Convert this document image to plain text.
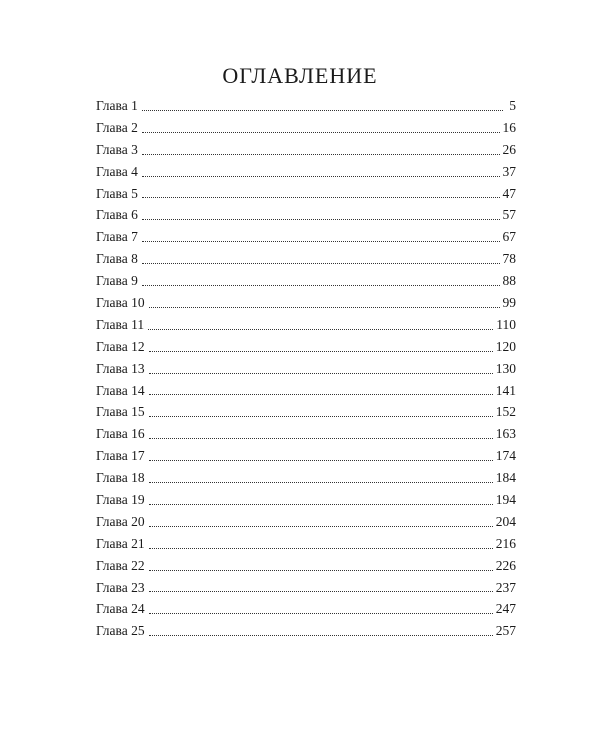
ОГЛАВЛЕНИЕ
Глава 1	5
Глава 2	16
Глава 3	26
Глава 4	37
Глава 5	47
Глава 6	57
Глава 7	67
Глава 8	78
Глава 9	88
Глава 10	99
Глава 11	110
Глава 12	120
Глава 13	130
Глава 14	141
Глава 15	152
Глава 16	163
Глава 17	174
Глава 18	184
Глава 19	194
Глава 20	204
Глава 21	216
Глава 22	226
Глава 23	237
Глава 24	247
Глава 25	257
